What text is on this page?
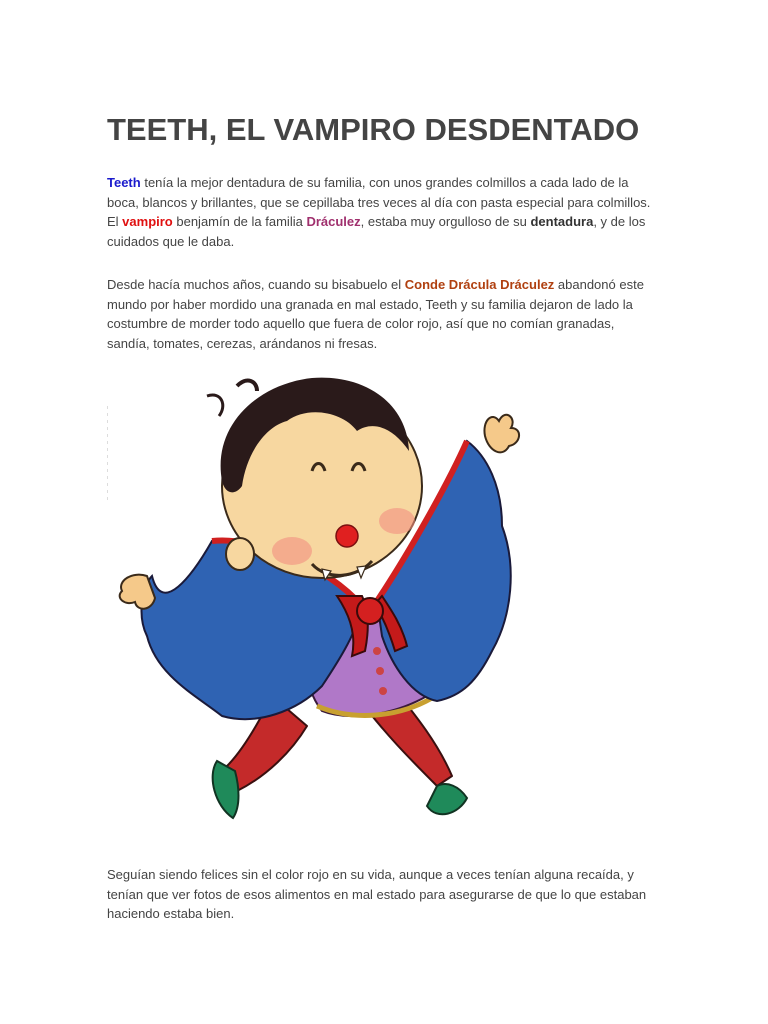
TEETH, EL VAMPIRO DESDENTADO

Teeth tenía la mejor dentadura de su familia, con unos grandes colmillos a cada lado de la boca, blancos y brillantes, que se cepillaba tres veces al día con pasta especial para colmillos. El vampiro benjamín de la familia Dráculez, estaba muy orgulloso de su dentadura, y de los cuidados que le daba.

Desde hacía muchos años, cuando su bisabuelo el Conde Drácula Dráculez abandonó este mundo por haber mordido una granada en mal estado, Teeth y su familia dejaron de lado la costumbre de morder todo aquello que fuera de color rojo, así que no comían granadas, sandía, tomates, cerezas, arándanos ni fresas.

Seguían siendo felices sin el color rojo en su vida, aunque a veces tenían alguna recaída, y tenían que ver fotos de esos alimentos en mal estado para asegurarse de que lo que estaban haciendo estaba bien.
